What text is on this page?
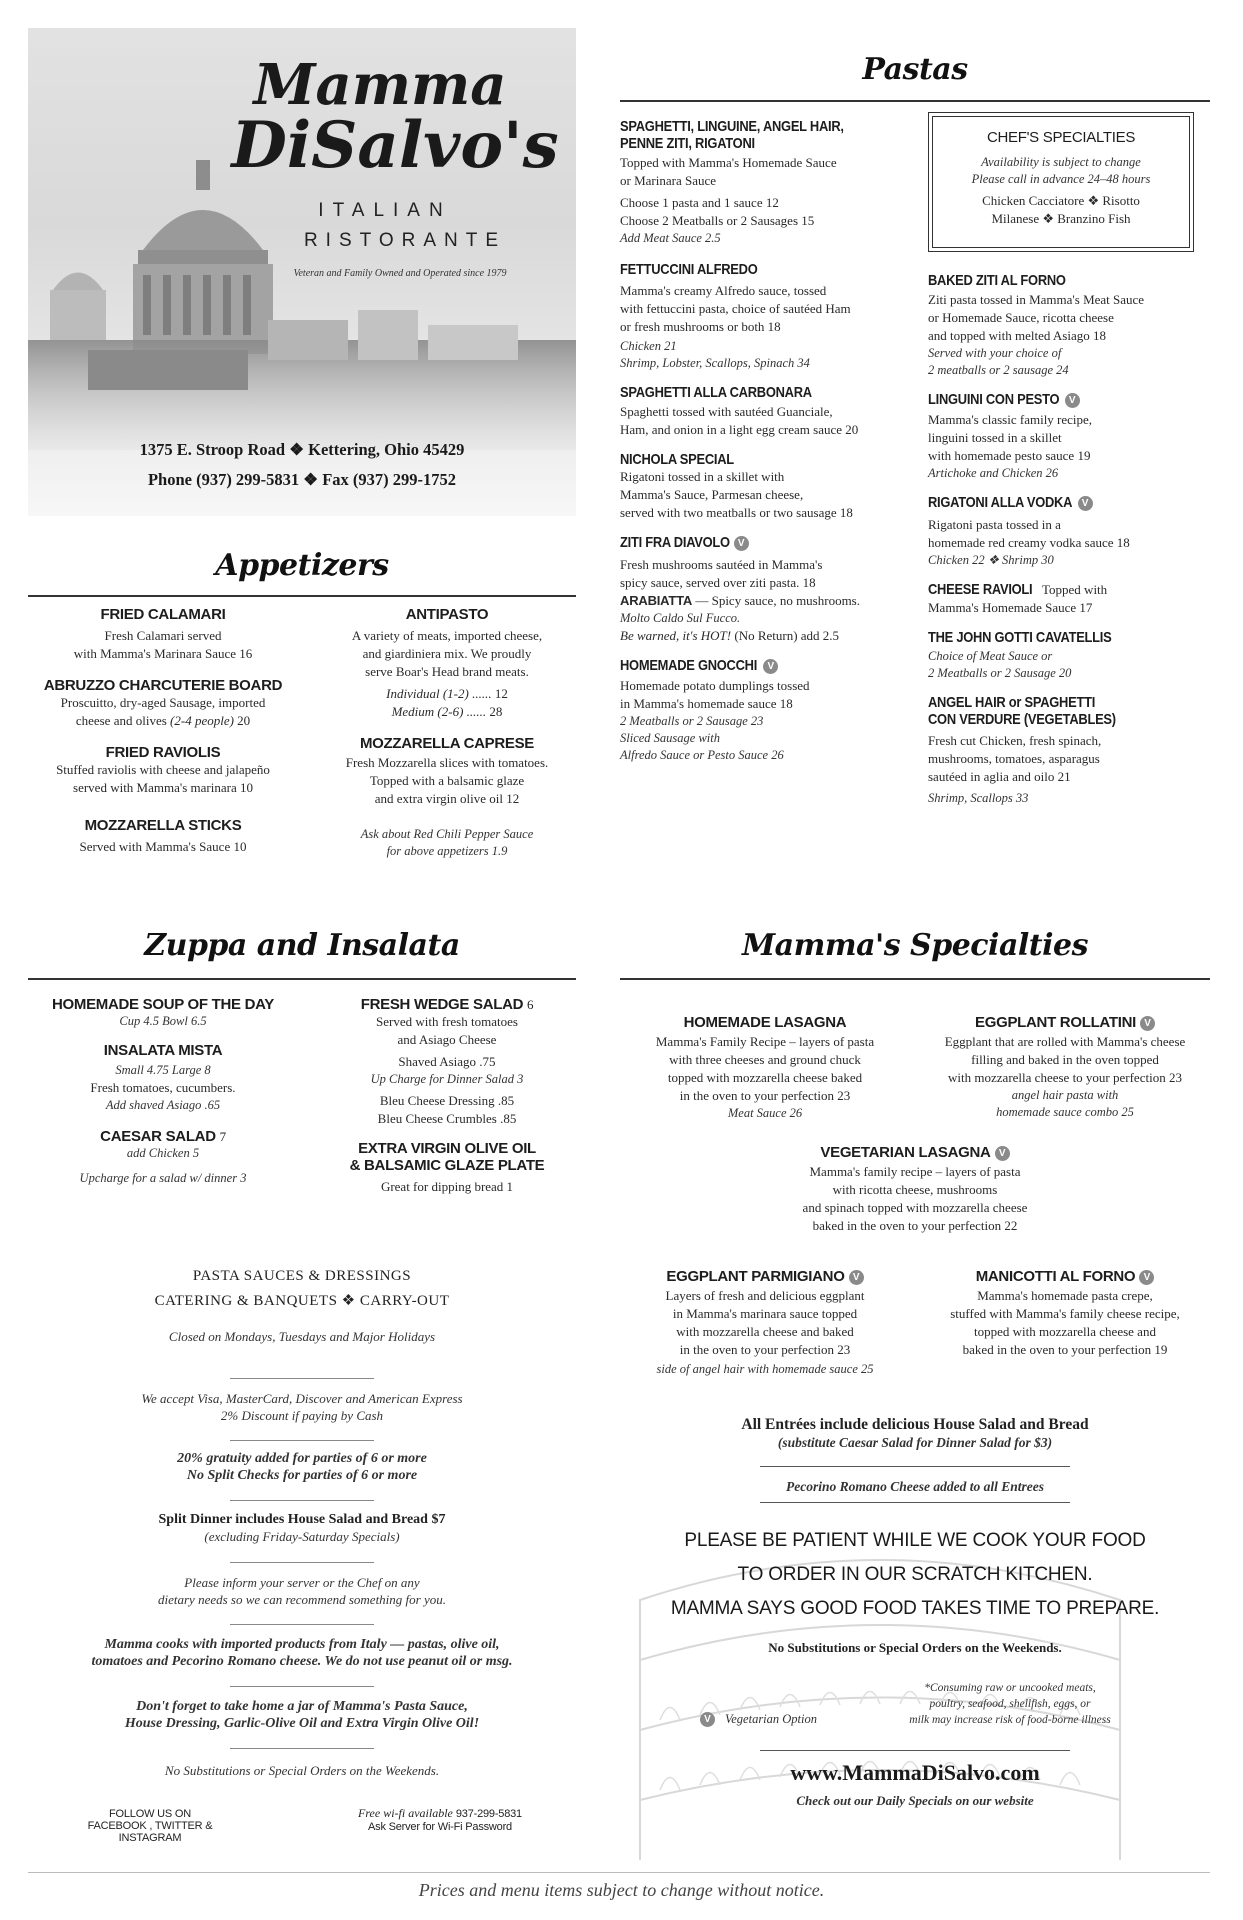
Mamma
DiSalvo's
ITALIAN
RISTORANTE
Veteran and Family Owned and Operated since 1979
1375 E. Stroop Road ❖ Kettering, Ohio 45429
Phone (937) 299-5831 ❖ Fax (937) 299-1752
Appetizers
FRIED CALAMARI
Fresh Calamari served
with Mamma's Marinara Sauce 16
ABRUZZO CHARCUTERIE BOARD
Proscuitto, dry-aged Sausage, imported
cheese and olives (2-4 people) 20
FRIED RAVIOLIS
Stuffed raviolis with cheese and jalapeño
served with Mamma's marinara 10
MOZZARELLA STICKS
Served with Mamma's Sauce 10
ANTIPASTO
A variety of meats, imported cheese,
and giardiniera mix. We proudly
serve Boar's Head brand meats.
Individual (1-2) ...... 12
Medium (2-6) ...... 28
MOZZARELLA CAPRESE
Fresh Mozzarella slices with tomatoes.
Topped with a balsamic glaze
and extra virgin olive oil 12
Ask about Red Chili Pepper Sauce
for above appetizers 1.9
Zuppa and Insalata
HOMEMADE SOUP OF THE DAY
Cup 4.5 Bowl 6.5
INSALATA MISTA
Small 4.75 Large 8
Fresh tomatoes, cucumbers.
Add shaved Asiago .65
CAESAR SALAD 7
add Chicken 5
Upcharge for a salad w/ dinner 3
FRESH WEDGE SALAD 6
Served with fresh tomatoes
and Asiago Cheese
Shaved Asiago .75
Up Charge for Dinner Salad 3
Bleu Cheese Dressing .85
Bleu Cheese Crumbles .85
EXTRA VIRGIN OLIVE OIL
& BALSAMIC GLAZE PLATE
Great for dipping bread 1
PASTA SAUCES & DRESSINGS
CATERING & BANQUETS ❖ CARRY-OUT
Closed on Mondays, Tuesdays and Major Holidays
We accept Visa, MasterCard, Discover and American Express
2% Discount if paying by Cash
20% gratuity added for parties of 6 or more
No Split Checks for parties of 6 or more
Split Dinner includes House Salad and Bread $7
(excluding Friday-Saturday Specials)
Please inform your server or the Chef on any
dietary needs so we can recommend something for you.
Mamma cooks with imported products from Italy — pastas, olive oil,
tomatoes and Pecorino Romano cheese. We do not use peanut oil or msg.
Don't forget to take home a jar of Mamma's Pasta Sauce,
House Dressing, Garlic-Olive Oil and Extra Virgin Olive Oil!
No Substitutions or Special Orders on the Weekends.
FOLLOW US ON
FACEBOOK , TWITTER & INSTAGRAM
Free wi-fi available 937-299-5831
Ask Server for Wi-Fi Password
Pastas
SPAGHETTI, LINGUINE, ANGEL HAIR,
PENNE ZITI, RIGATONI
Topped with Mamma's Homemade Sauce
or Marinara Sauce
Choose 1 pasta and 1 sauce 12
Choose 2 Meatballs or 2 Sausages 15
Add Meat Sauce 2.5
FETTUCCINI ALFREDO
Mamma's creamy Alfredo sauce, tossed
with fettuccini pasta, choice of sautéed Ham
or fresh mushrooms or both 18
Chicken 21
Shrimp, Lobster, Scallops, Spinach 34
SPAGHETTI ALLA CARBONARA
Spaghetti tossed with sautéed Guanciale,
Ham, and onion in a light egg cream sauce 20
NICHOLA SPECIAL
Rigatoni tossed in a skillet with
Mamma's Sauce, Parmesan cheese,
served with two meatballs or two sausage 18
ZITI FRA DIAVOLO V
Fresh mushrooms sautéed in Mamma's
spicy sauce, served over ziti pasta. 18
ARABIATTA — Spicy sauce, no mushrooms.
Molto Caldo Sul Fucco.
Be warned, it's HOT! (No Return) add 2.5
HOMEMADE GNOCCHI V
Homemade potato dumplings tossed
in Mamma's homemade sauce 18
2 Meatballs or 2 Sausage 23
Sliced Sausage with
Alfredo Sauce or Pesto Sauce 26
CHEF'S SPECIALTIES
Availability is subject to change
Please call in advance 24–48 hours
Chicken Cacciatore ❖ Risotto
Milanese ❖ Branzino Fish
BAKED ZITI AL FORNO
Ziti pasta tossed in Mamma's Meat Sauce
or Homemade Sauce, ricotta cheese
and topped with melted Asiago 18
Served with your choice of
2 meatballs or 2 sausage 24
LINGUINI CON PESTO V
Mamma's classic family recipe,
linguini tossed in a skillet
with homemade pesto sauce 19
Artichoke and Chicken 26
RIGATONI ALLA VODKA V
Rigatoni pasta tossed in a
homemade red creamy vodka sauce 18
Chicken 22 ❖ Shrimp 30
CHEESE RAVIOLI Topped with
Mamma's Homemade Sauce 17
THE JOHN GOTTI CAVATELLIS
Choice of Meat Sauce or
2 Meatballs or 2 Sausage 20
ANGEL HAIR or SPAGHETTI
CON VERDURE (VEGETABLES)
Fresh cut Chicken, fresh spinach,
mushrooms, tomatoes, asparagus
sautéed in aglia and oilo 21
Shrimp, Scallops 33
Mamma's Specialties
HOMEMADE LASAGNA
Mamma's Family Recipe – layers of pasta
with three cheeses and ground chuck
topped with mozzarella cheese baked
in the oven to your perfection 23
Meat Sauce 26
EGGPLANT ROLLATINI V
Eggplant that are rolled with Mamma's cheese
filling and baked in the oven topped
with mozzarella cheese to your perfection 23
angel hair pasta with
homemade sauce combo 25
VEGETARIAN LASAGNA V
Mamma's family recipe – layers of pasta
with ricotta cheese, mushrooms
and spinach topped with mozzarella cheese
baked in the oven to your perfection 22
EGGPLANT PARMIGIANO V
Layers of fresh and delicious eggplant
in Mamma's marinara sauce topped
with mozzarella cheese and baked
in the oven to your perfection 23
side of angel hair with homemade sauce 25
MANICOTTI AL FORNO V
Mamma's homemade pasta crepe,
stuffed with Mamma's family cheese recipe,
topped with mozzarella cheese and
baked in the oven to your perfection 19
All Entrées include delicious House Salad and Bread
(substitute Caesar Salad for Dinner Salad for $3)
Pecorino Romano Cheese added to all Entrees
PLEASE BE PATIENT WHILE WE COOK YOUR FOOD
TO ORDER IN OUR SCRATCH KITCHEN.
MAMMA SAYS GOOD FOOD TAKES TIME TO PREPARE.
No Substitutions or Special Orders on the Weekends.
V Vegetarian Option
*Consuming raw or uncooked meats,
poultry, seafood, shellfish, eggs, or
milk may increase risk of food-borne illness
www.MammaDiSalvo.com
Check out our Daily Specials on our website
Prices and menu items subject to change without notice.
